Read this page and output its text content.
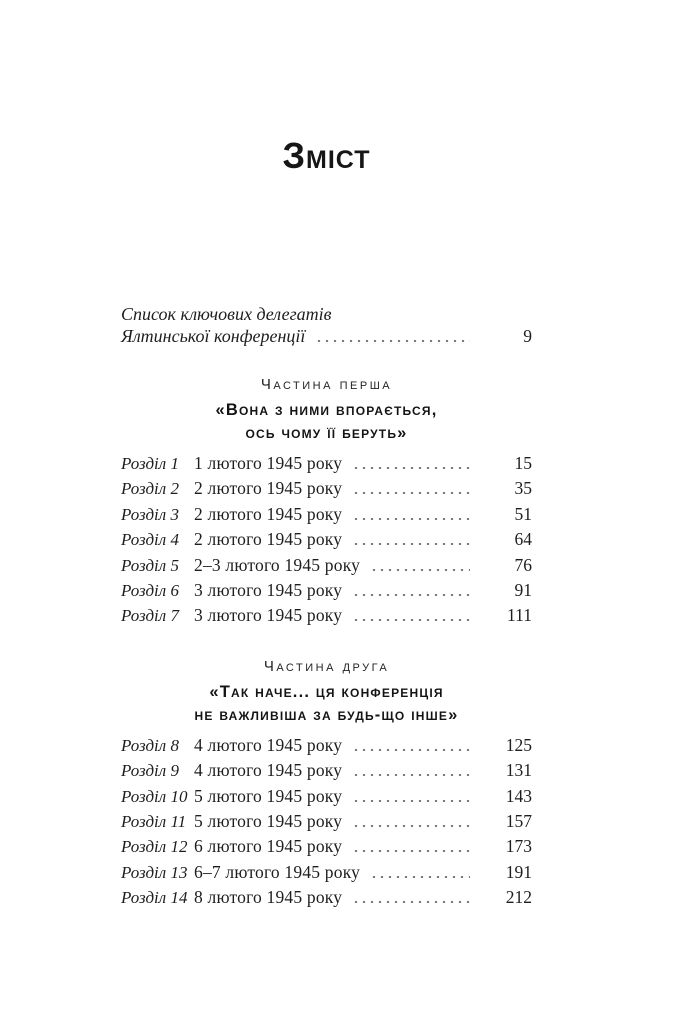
Зміст
Список ключових делегатів
Ялтинської конференції	9
Частина перша
«Вона з ними впорається,
ось чому її беруть»
Розділ 1 1 лютого 1945 року	15
Розділ 2 2 лютого 1945 року	35
Розділ 3 2 лютого 1945 року	51
Розділ 4 2 лютого 1945 року	64
Розділ 5 2–3 лютого 1945 року	76
Розділ 6 3 лютого 1945 року	91
Розділ 7 3 лютого 1945 року	111
Частина друга
«Так наче... ця конференція
не важливіша за будь-що інше»
Розділ 8 4 лютого 1945 року	125
Розділ 9 4 лютого 1945 року	131
Розділ 10 5 лютого 1945 року	143
Розділ 11 5 лютого 1945 року	157
Розділ 12 6 лютого 1945 року	173
Розділ 13 6–7 лютого 1945 року	191
Розділ 14 8 лютого 1945 року	212
